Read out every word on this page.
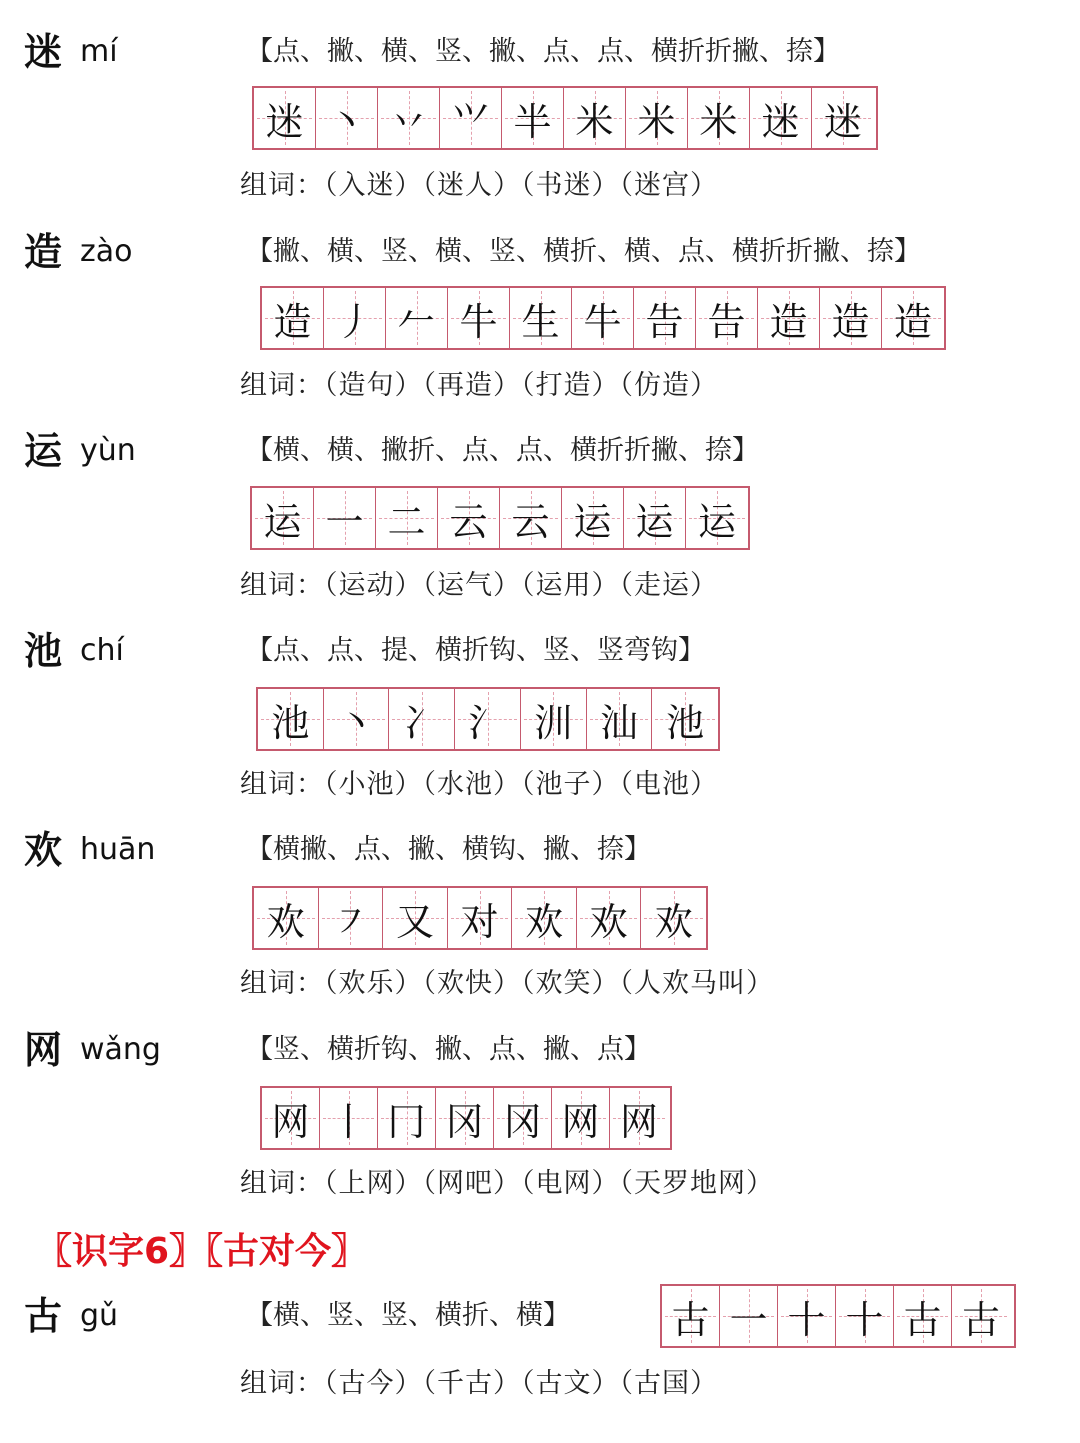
迷 mí	【点、撇、横、竖、撇、点、点、横折折撇、捺】
迷 丶 丷 ⺍ 半 米 米 米 迷 迷
组词：（入迷）（迷人）（书迷）（迷宫）
造 zào	【撇、横、竖、横、竖、横折、横、点、横折折撇、捺】
造 丿 𠂉 牛 生 牛 告 告 造 造 造
组词：（造句）（再造）（打造）（仿造）
运 yùn	【横、横、撇折、点、点、横折折撇、捺】
运 一 二 云 云 运 运 运
组词：（运动）（运气）（运用）（走运）
池 chí	【点、点、提、横折钩、竖、竖弯钩】
池 丶 冫 氵 汌 汕 池
组词：（小池）（水池）（池子）（电池）
欢 huān	【横撇、点、撇、横钩、撇、捺】
欢 ㇇ 又 对 欢 欢 欢
组词：（欢乐）（欢快）（欢笑）（人欢马叫）
网 wǎng	【竖、横折钩、撇、点、撇、点】
网 丨 冂 冈 冈 网 网
组词：（上网）（网吧）（电网）（天罗地网）
〖识字6〗〖古对今〗
古 gǔ	【横、竖、竖、横折、横】	古 一 十 十 古 古
组词：（古今）（千古）（古文）（古国）
